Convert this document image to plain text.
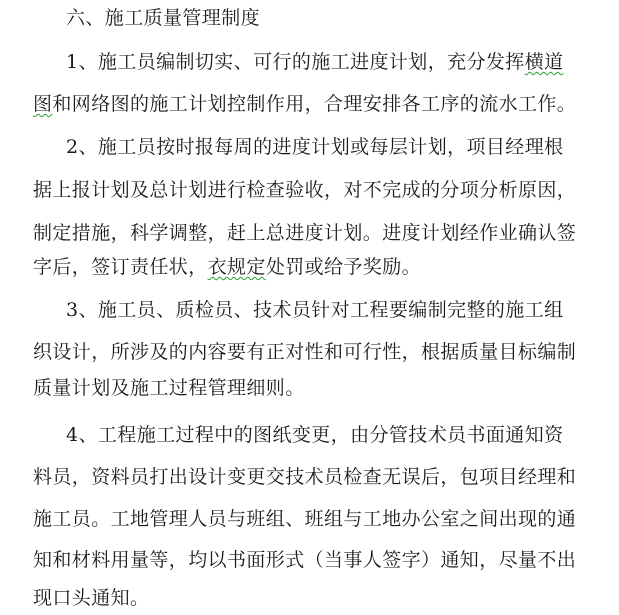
六、施工质量管理制度
1、施工员编制切实、可行的施工进度计划，充分发挥横道
图和网络图的施工计划控制作用，合理安排各工序的流水工作。
2、施工员按时报每周的进度计划或每层计划，项目经理根
据上报计划及总计划进行检查验收，对不完成的分项分析原因，
制定措施，科学调整，赶上总进度计划。进度计划经作业确认签
字后，签订责任状，衣规定处罚或给予奖励。
3、施工员、质检员、技术员针对工程要编制完整的施工组
织设计，所涉及的内容要有正对性和可行性，根据质量目标编制
质量计划及施工过程管理细则。
4、工程施工过程中的图纸变更，由分管技术员书面通知资
料员，资料员打出设计变更交技术员检查无误后，包项目经理和
施工员。工地管理人员与班组、班组与工地办公室之间出现的通
知和材料用量等，均以书面形式（当事人签字）通知，尽量不出
现口头通知。
